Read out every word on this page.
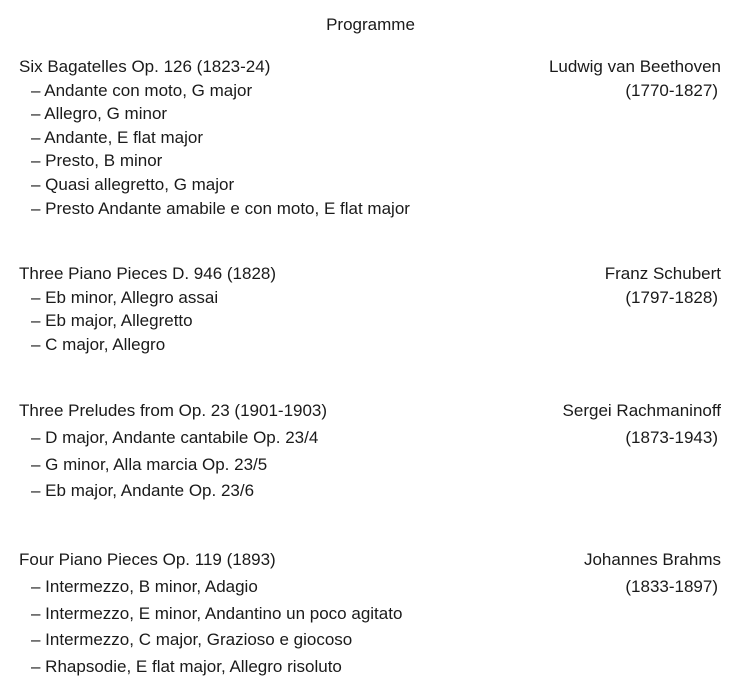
Programme
Six Bagatelles Op. 126 (1823-24)	Ludwig van Beethoven
– Andante con moto, G major	(1770-1827)
– Allegro, G minor
– Andante, E flat major
– Presto, B minor
– Quasi allegretto, G major
– Presto Andante amabile e con moto, E flat major
Three Piano Pieces D. 946 (1828)	Franz Schubert
– Eb minor, Allegro assai	(1797-1828)
– Eb major, Allegretto
– C major, Allegro
Three Preludes from Op. 23 (1901-1903)	Sergei Rachmaninoff
– D major, Andante cantabile Op. 23/4	(1873-1943)
– G minor, Alla marcia Op. 23/5
– Eb major, Andante Op. 23/6
Four Piano Pieces Op. 119 (1893)	Johannes Brahms
– Intermezzo, B minor, Adagio	(1833-1897)
– Intermezzo, E minor, Andantino un poco agitato
– Intermezzo, C major, Grazioso e giocoso
– Rhapsodie, E flat major, Allegro risoluto
